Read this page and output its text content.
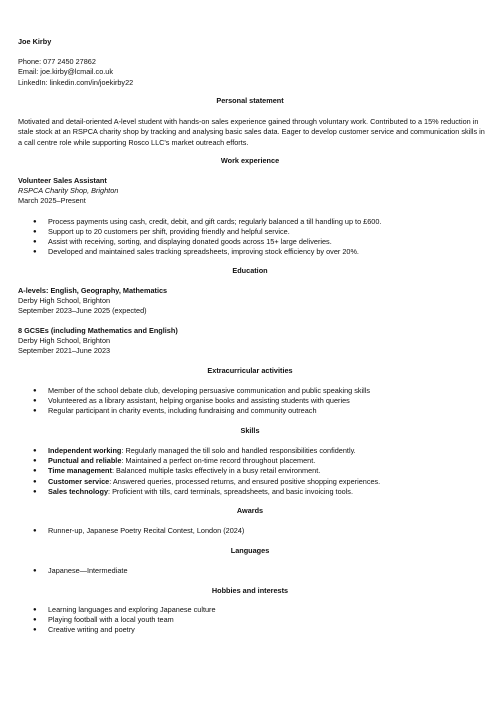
Joe Kirby
Phone: 077 2450 27862
Email: joe.kirby@lcmail.co.uk
LinkedIn: linkedin.com/in/joekirby22
Personal statement
Motivated and detail-oriented A-level student with hands-on sales experience gained through voluntary work. Contributed to a 15% reduction in stale stock at an RSPCA charity shop by tracking and analysing basic sales data. Eager to develop customer service and communication skills in a call centre role while supporting Rosco LLC's market outreach efforts.
Work experience
Volunteer Sales Assistant
RSPCA Charity Shop, Brighton
March 2025–Present
● Process payments using cash, credit, debit, and gift cards; regularly balanced a till handling up to £600.
● Support up to 20 customers per shift, providing friendly and helpful service.
● Assist with receiving, sorting, and displaying donated goods across 15+ large deliveries.
● Developed and maintained sales tracking spreadsheets, improving stock efficiency by over 20%.
Education
A-levels: English, Geography, Mathematics
Derby High School, Brighton
September 2023–June 2025 (expected)
8 GCSEs (including Mathematics and English)
Derby High School, Brighton
September 2021–June 2023
Extracurricular activities
● Member of the school debate club, developing persuasive communication and public speaking skills
● Volunteered as a library assistant, helping organise books and assisting students with queries
● Regular participant in charity events, including fundraising and community outreach
Skills
● Independent working: Regularly managed the till solo and handled responsibilities confidently.
● Punctual and reliable: Maintained a perfect on-time record throughout placement.
● Time management: Balanced multiple tasks effectively in a busy retail environment.
● Customer service: Answered queries, processed returns, and ensured positive shopping experiences.
● Sales technology: Proficient with tills, card terminals, spreadsheets, and basic invoicing tools.
Awards
● Runner-up, Japanese Poetry Recital Contest, London (2024)
Languages
● Japanese—Intermediate
Hobbies and interests
● Learning languages and exploring Japanese culture
● Playing football with a local youth team
● Creative writing and poetry
